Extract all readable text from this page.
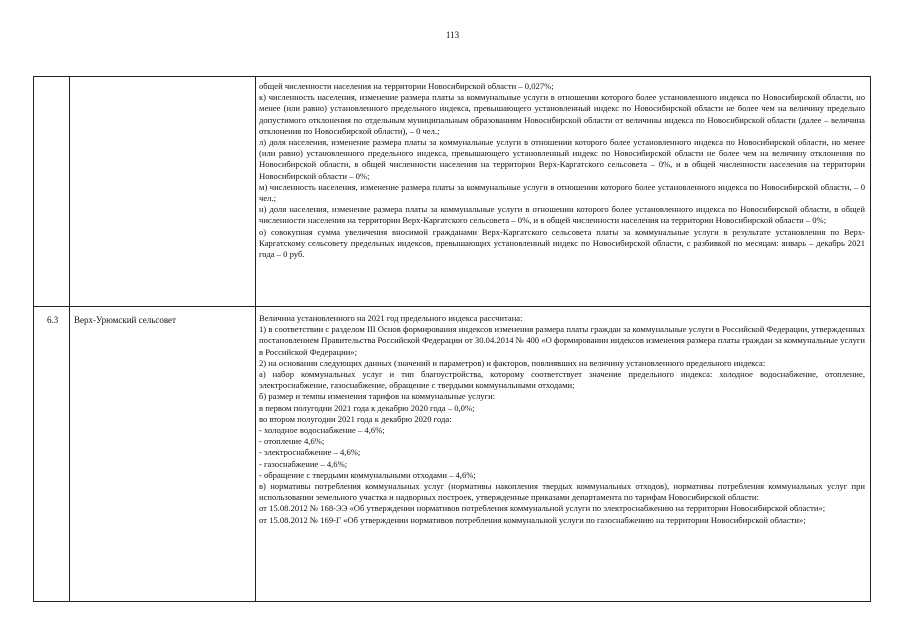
113

общей численности населения на территории Новосибирской области – 0,027%;

к) численность населения, изменение размера платы за коммунальные услуги в отношении которого более установленного индекса по Новосибирской области, но менее (или равно) установленного предельного индекса, превышающего установленный индекс по Новосибирской области не более чем на величину предельно допустимого отклонения по отдельным муниципальным образованиям Новосибирской области от величины индекса по Новосибирской области (далее – величина отклонения по Новосибирской области), – 0 чел.;

л) доля населения, изменение размера платы за коммунальные услуги в отношении которого более установленного индекса по Новосибирской области, но менее (или равно) установленного предельного индекса, превышающего установленный индекс по Новосибирской области не более чем на величину отклонения по Новосибирской области, в общей численности населения на территории Верх-Каргатского сельсовета – 0%, и в общей численности населения на территории Новосибирской области – 0%;

м) численность населения, изменение размера платы за коммунальные услуги в отношении которого более установленного индекса по Новосибирской области, – 0 чел.;

н) доля населения, изменение размера платы за коммунальные услуги в отношении которого более установленного индекса по Новосибирской области, в общей численности населения на территории Верх-Каргатского сельсовета – 0%, и в общей численности населения на территории Новосибирской области – 0%;

о) совокупная сумма увеличения вносимой гражданами Верх-Каргатского сельсовета платы за коммунальные услуги в результате установления по Верх-Каргатскому сельсовету предельных индексов, превышающих установленный индекс по Новосибирской области, с разбивкой по месяцам: январь – декабрь 2021 года – 0 руб.

6.3	Верх-Урюмский сельсовет	Величина установленного на 2021 год предельного индекса рассчитана:

1) в соответствии с разделом III Основ формирования индексов изменения размера платы граждан за коммунальные услуги в Российской Федерации, утвержденных постановлением Правительства Российской Федерации от 30.04.2014 № 400 «О формировании индексов изменения размера платы граждан за коммунальные услуги в Российской Федерации»;

2) на основании следующих данных (значений и параметров) и факторов, повлиявших на величину установленного предельного индекса:

а) набор коммунальных услуг и тип благоустройства, которому соответствует значение предельного индекса: холодное водоснабжение, отопление, электроснабжение, газоснабжение, обращение с твердыми коммунальными отходами;

б) размер и темпы изменения тарифов на коммунальные услуги:

в первом полугодии 2021 года к декабрю 2020 года – 0,0%;

во втором полугодии 2021 года к декабрю 2020 года:

- холодное водоснабжение – 4,6%;

- отопление 4,6%;

- электроснабжение – 4,6%;

- газоснабжение – 4,6%;

- обращение с твердыми коммунальными отходами – 4,6%;

в) нормативы потребления коммунальных услуг (нормативы накопления твердых коммунальных отходов), нормативы потребления коммунальных услуг при использовании земельного участка и надворных построек, утвержденные приказами департамента по тарифам Новосибирской области:

от 15.08.2012 № 168-ЭЭ «Об утверждении нормативов потребления коммунальной услуги по электроснабжению на территории Новосибирской области»;

от 15.08.2012 № 169-Г «Об утверждении нормативов потребления коммунальной услуги по газоснабжению на территории Новосибирской области»;
